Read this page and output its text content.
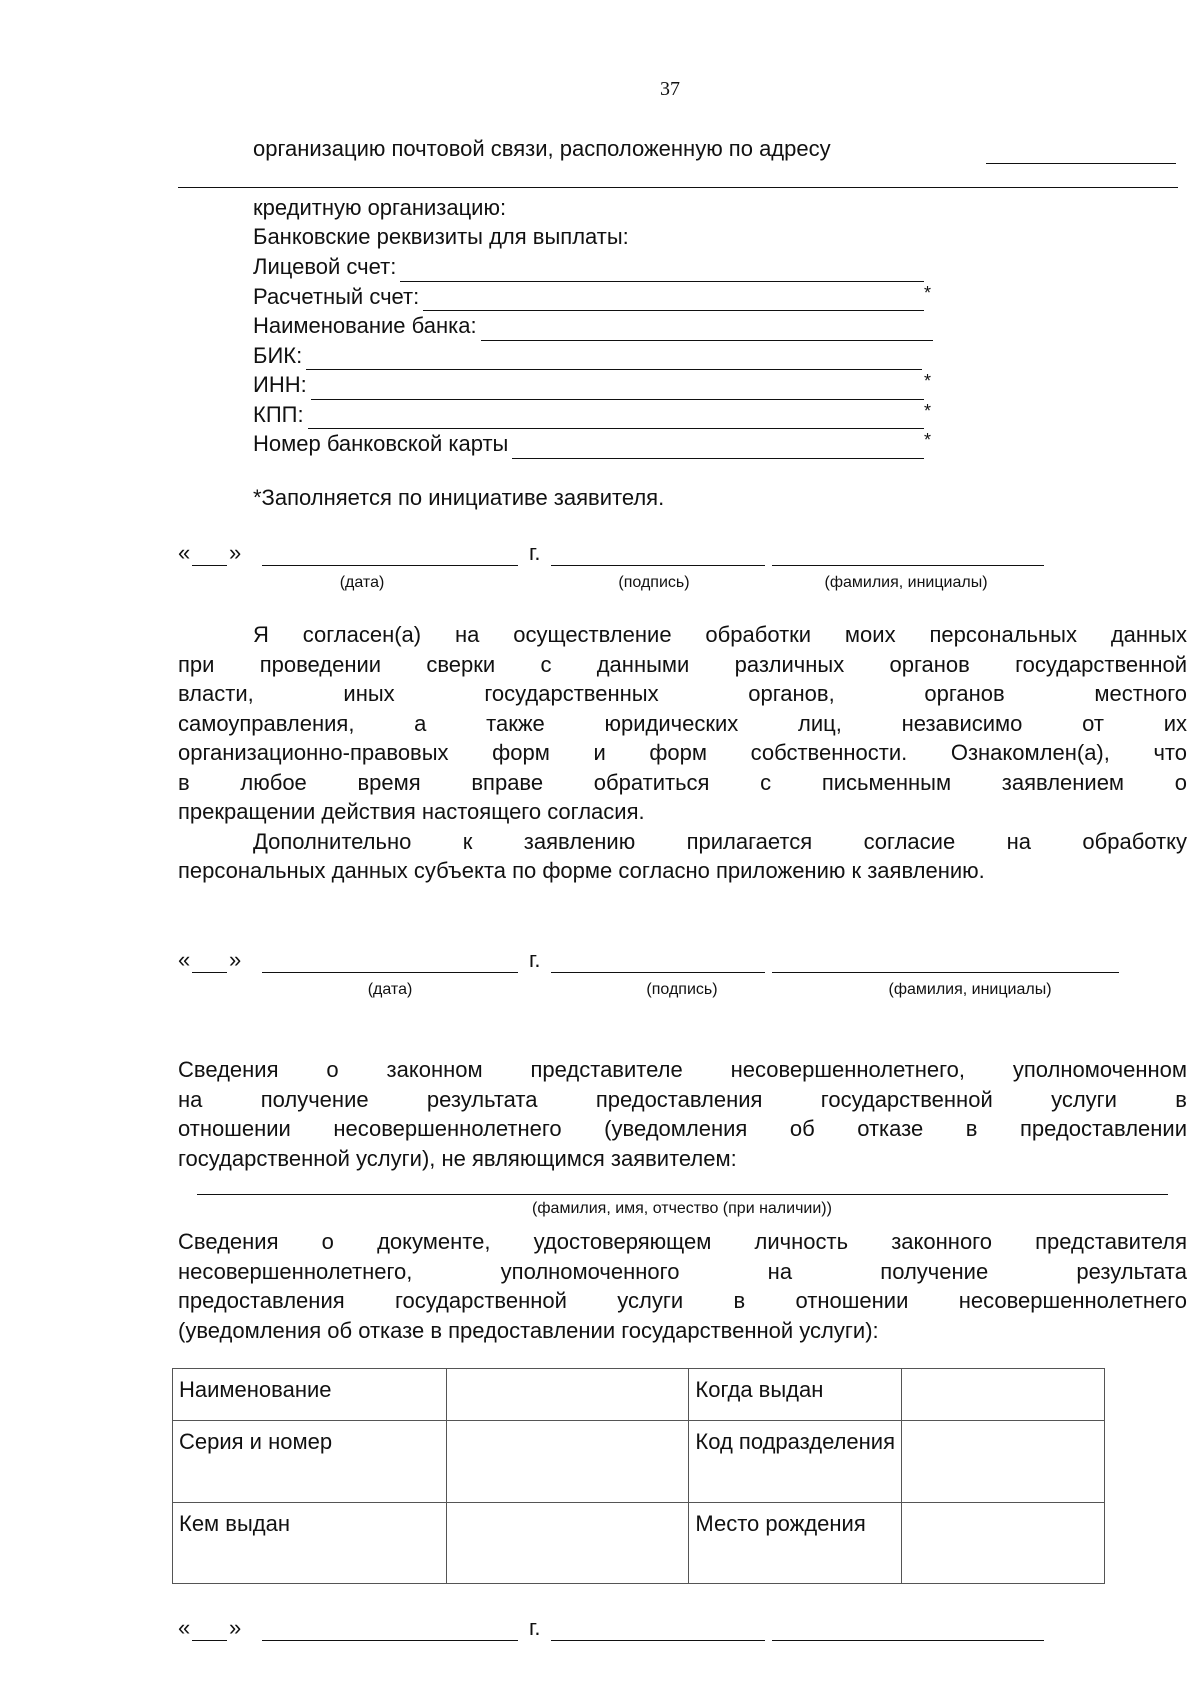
37
организацию почтовой связи, расположенную по адресу
кредитную организацию:
Банковские реквизиты для выплаты:
Лицевой счет:
Расчетный счет:	*
Наименование банка:
БИК:
ИНН:	*
КПП:	*
Номер банковской карты	*
*Заполняется по инициативе заявителя.
« »	г.
(дата)	(подпись)	(фамилия, инициалы)
Я согласен(а) на осуществление обработки моих персональных данных
при проведении сверки с данными различных органов государственной
власти, иных государственных органов, органов местного
самоуправления, а также юридических лиц, независимо от их
организационно-правовых форм и форм собственности. Ознакомлен(а), что
в любое время вправе обратиться с письменным заявлением о
прекращении действия настоящего согласия.
Дополнительно к заявлению прилагается согласие на обработку
персональных данных субъекта по форме согласно приложению к заявлению.
« »	г.
(дата)	(подпись)	(фамилия, инициалы)
Сведения о законном представителе несовершеннолетнего, уполномоченном
на получение результата предоставления государственной услуги в
отношении несовершеннолетнего (уведомления об отказе в предоставлении
государственной услуги), не являющимся заявителем:
(фамилия, имя, отчество (при наличии))
Сведения о документе, удостоверяющем личность законного представителя
несовершеннолетнего, уполномоченного на получение результата
предоставления государственной услуги в отношении несовершеннолетнего
(уведомления об отказе в предоставлении государственной услуги):
Наименование		Когда выдан	
Серия и номер		Код подразделения	
Кем выдан		Место рождения	
« »	г.
